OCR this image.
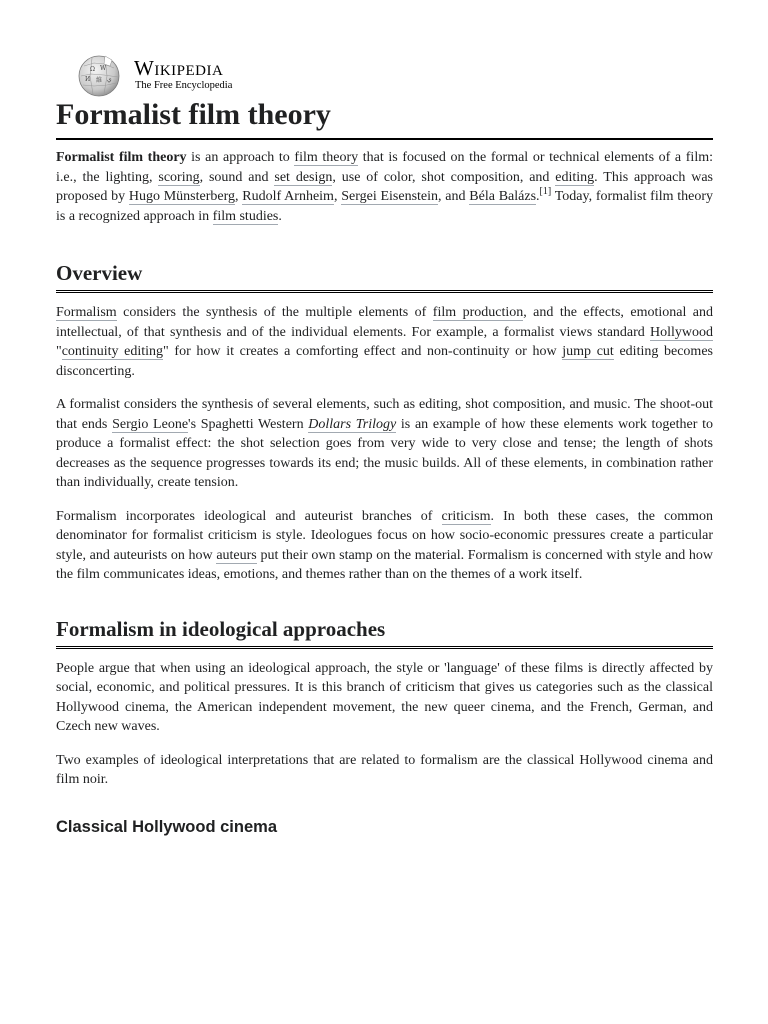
Ω W
И 維 ي Wikipedia
The Free Encyclopedia
Formalist film theory

Formalist film theory is an approach to film theory that is focused on the formal or technical elements of a film: i.e., the lighting, scoring, sound and set design, use of color, shot composition, and editing. This approach was proposed by Hugo Münsterberg, Rudolf Arnheim, Sergei Eisenstein, and Béla Balázs.[1] Today, formalist film theory is a recognized approach in film studies.

Overview

Formalism considers the synthesis of the multiple elements of film production, and the effects, emotional and intellectual, of that synthesis and of the individual elements. For example, a formalist views standard Hollywood "continuity editing" for how it creates a comforting effect and non-continuity or how jump cut editing becomes disconcerting.

A formalist considers the synthesis of several elements, such as editing, shot composition, and music. The shoot-out that ends Sergio Leone's Spaghetti Western Dollars Trilogy is an example of how these elements work together to produce a formalist effect: the shot selection goes from very wide to very close and tense; the length of shots decreases as the sequence progresses towards its end; the music builds. All of these elements, in combination rather than individually, create tension.

Formalism incorporates ideological and auteurist branches of criticism. In both these cases, the common denominator for formalist criticism is style. Ideologues focus on how socio-economic pressures create a particular style, and auteurists on how auteurs put their own stamp on the material. Formalism is concerned with style and how the film communicates ideas, emotions, and themes rather than on the themes of a work itself.

Formalism in ideological approaches

People argue that when using an ideological approach, the style or 'language' of these films is directly affected by social, economic, and political pressures. It is this branch of criticism that gives us categories such as the classical Hollywood cinema, the American independent movement, the new queer cinema, and the French, German, and Czech new waves.

Two examples of ideological interpretations that are related to formalism are the classical Hollywood cinema and film noir.

Classical Hollywood cinema
